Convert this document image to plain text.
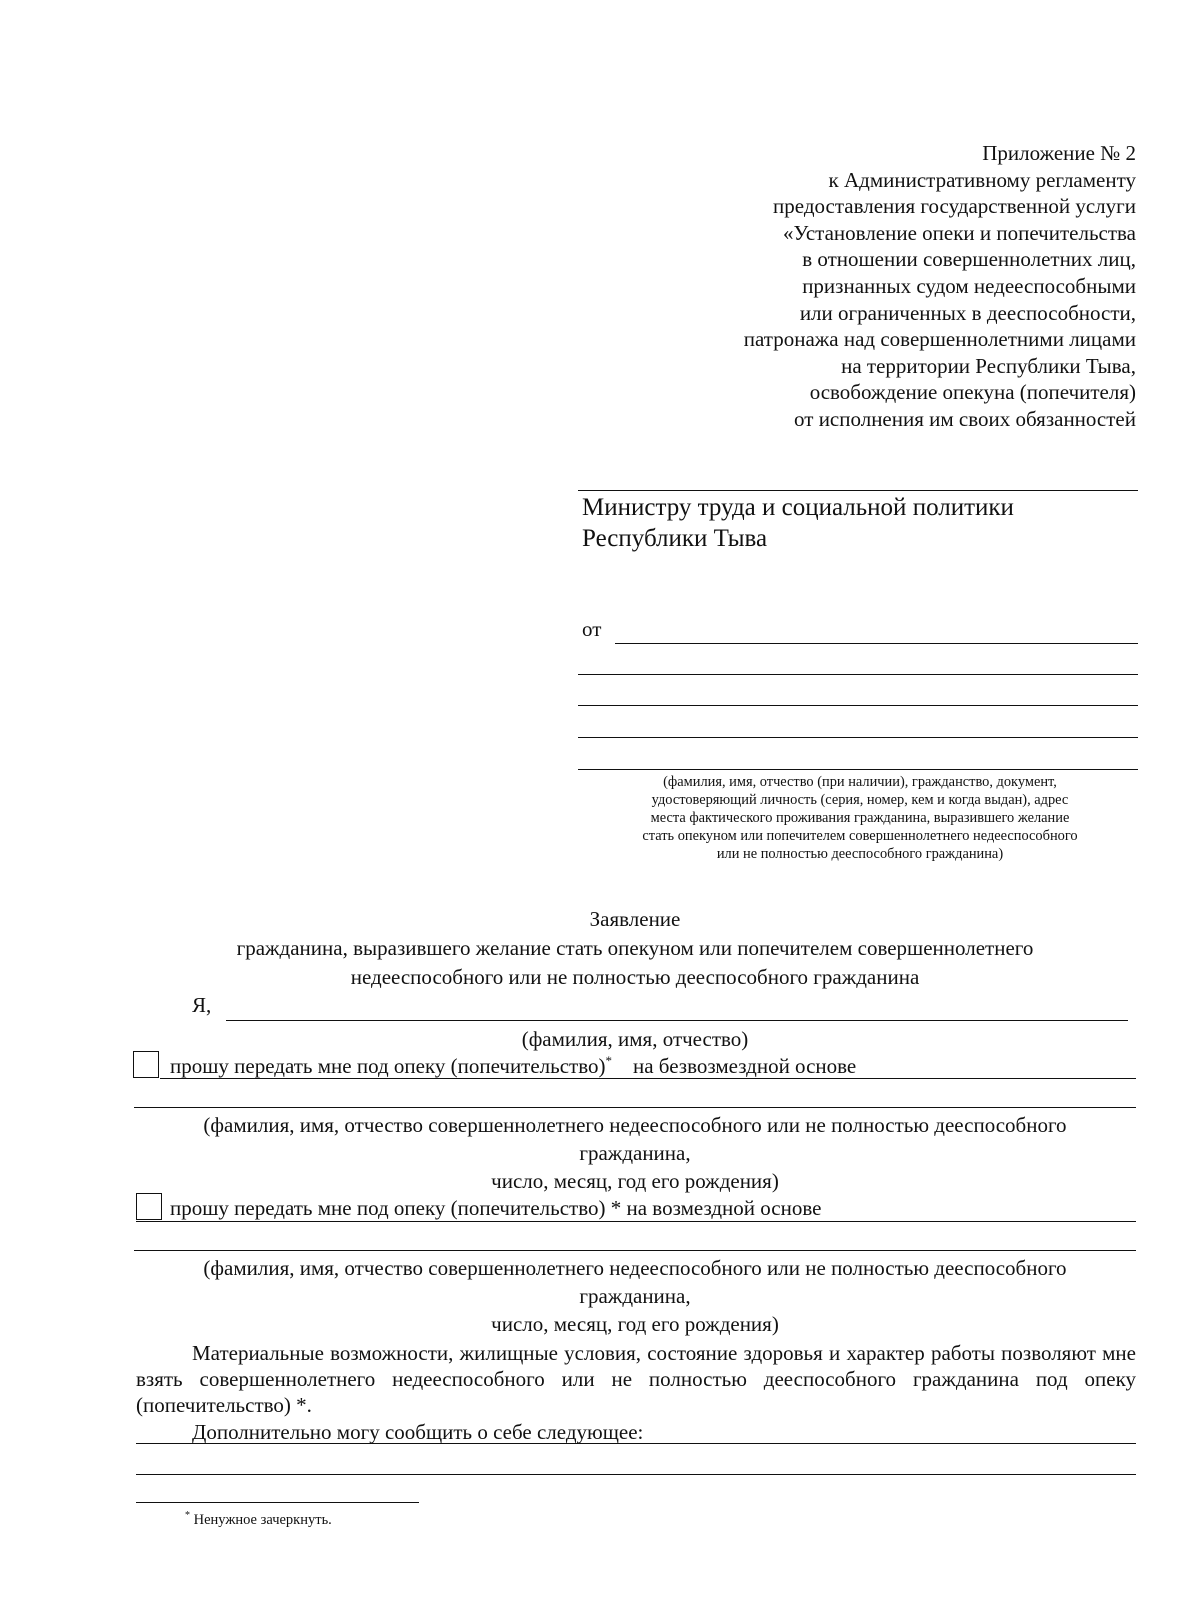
Приложение № 2
к Административному регламенту
предоставления государственной услуги
«Установление опеки и попечительства
в отношении совершеннолетних лиц,
признанных судом недееспособными
или ограниченных в дееспособности,
патронажа над совершеннолетними лицами
на территории Республики Тыва,
освобождение опекуна (попечителя)
от исполнения им своих обязанностей
Министру труда и социальной политики
Республики Тыва
от
(фамилия, имя, отчество (при наличии), гражданство, документ,
удостоверяющий личность (серия, номер, кем и когда выдан), адрес
места фактического проживания гражданина, выразившего желание
стать опекуном или попечителем совершеннолетнего недееспособного
или не полностью дееспособного гражданина)
Заявление
гражданина, выразившего желание стать опекуном или попечителем совершеннолетнего
недееспособного или не полностью дееспособного гражданина
Я,
(фамилия, имя, отчество)
прошу передать мне под опеку (попечительство)* на безвозмездной основе
(фамилия, имя, отчество совершеннолетнего недееспособного или не полностью дееспособного
гражданина,
число, месяц, год его рождения)
прошу передать мне под опеку (попечительство) * на возмездной основе
(фамилия, имя, отчество совершеннолетнего недееспособного или не полностью дееспособного
гражданина,
число, месяц, год его рождения)
Материальные возможности, жилищные условия, состояние здоровья и характер работы позволяют мне взять совершеннолетнего недееспособного или не полностью дееспособного гражданина под опеку (попечительство) *.
Дополнительно могу сообщить о себе следующее:
* Ненужное зачеркнуть.
